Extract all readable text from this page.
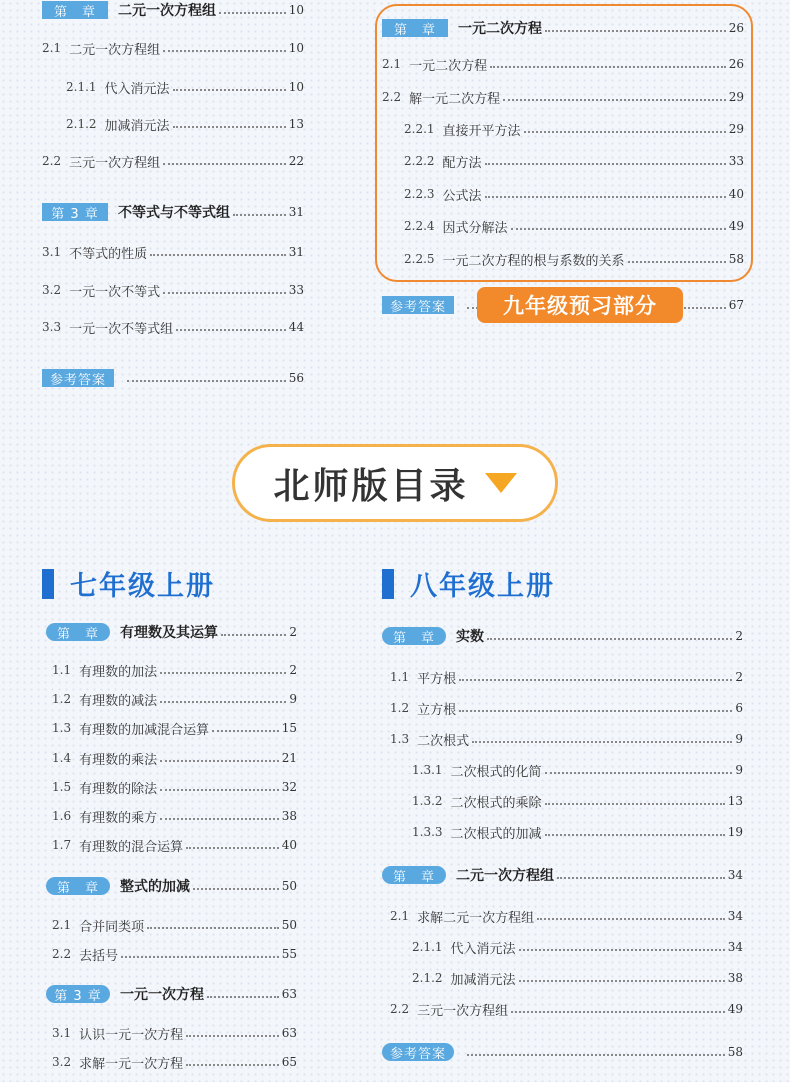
第　章	二元一次方程组	10
2.1 二元一次方程组	10
2.1.1 代入消元法	10
2.1.2 加减消元法	13
2.2 三元一次方程组	22
第 3 章	不等式与不等式组	31
3.1 不等式的性质	31
3.2 一元一次不等式	33
3.3 一元一次不等式组	44
参考答案	56
第　章	一元二次方程	26
2.1 一元二次方程	26
2.2 解一元二次方程	29
2.2.1 直接开平方法	29
2.2.2 配方法	33
2.2.3 公式法	40
2.2.4 因式分解法	49
2.2.5 一元二次方程的根与系数的关系	58
参考答案	67
九年级预习部分
北师版目录
七年级上册	八年级上册
第　章	有理数及其运算	2
1.1 有理数的加法	2
1.2 有理数的减法	9
1.3 有理数的加减混合运算	15
1.4 有理数的乘法	21
1.5 有理数的除法	32
1.6 有理数的乘方	38
1.7 有理数的混合运算	40
第　章	整式的加减	50
2.1 合并同类项	50
2.2 去括号	55
第 3 章	一元一次方程	63
3.1 认识一元一次方程	63
3.2 求解一元一次方程	65
第　章	实数	2
1.1 平方根	2
1.2 立方根	6
1.3 二次根式	9
1.3.1 二次根式的化简	9
1.3.2 二次根式的乘除	13
1.3.3 二次根式的加减	19
第　章	二元一次方程组	34
2.1 求解二元一次方程组	34
2.1.1 代入消元法	34
2.1.2 加减消元法	38
2.2 三元一次方程组	49
参考答案	58
